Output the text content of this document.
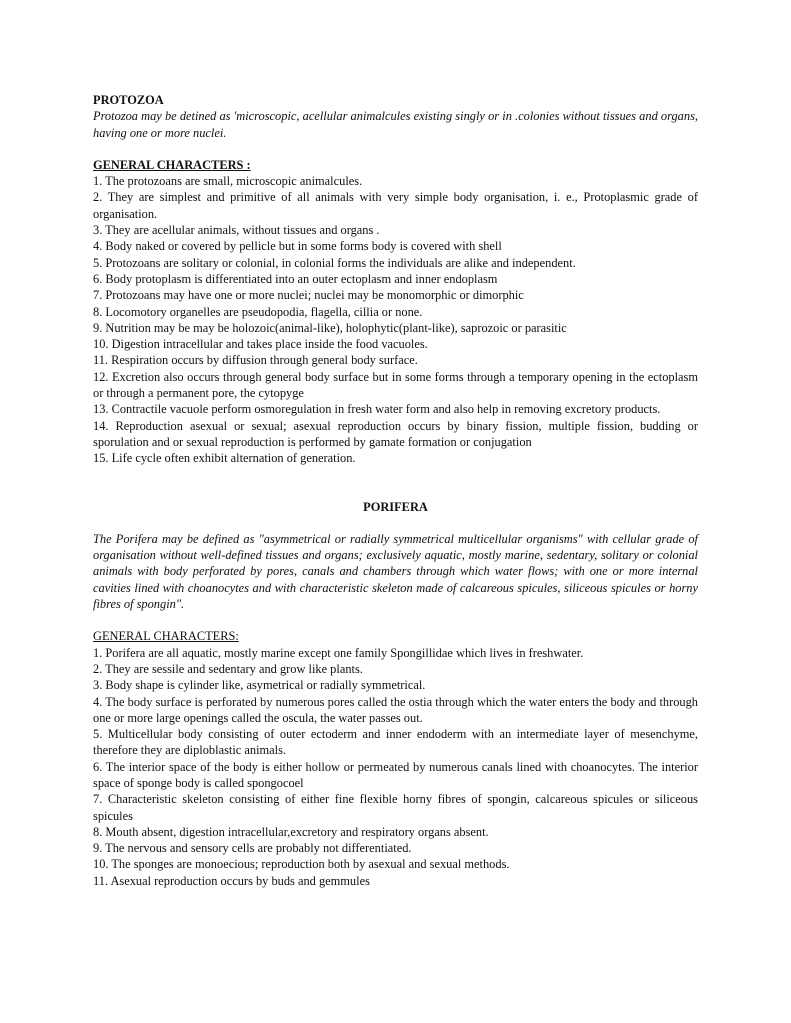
PROTOZOA

Protozoa may be detined as 'microscopic, acellular animalcules existing singly or in .colonies without tissues and organs, having one or more nuclei.

GENERAL CHARACTERS :

1. The protozoans are small, microscopic animalcules.
2. They are simplest and primitive of all animals with very simple body organisation, i. e., Protoplasmic grade of organisation.
3. They are acellular animals, without tissues and organs .
4. Body naked or covered by pellicle but in some forms body is covered with shell
5. Protozoans are solitary or colonial, in colonial forms the individuals are alike and independent.
6. Body protoplasm is differentiated into an outer ectoplasm and inner endoplasm
7. Protozoans may have one or more nuclei; nuclei may be monomorphic or dimorphic
8. Locomotory organelles are pseudopodia, flagella, cillia or none.
9. Nutrition may be may be holozoic(animal-like), holophytic(plant-like), saprozoic or parasitic
10. Digestion intracellular and takes place inside the food vacuoles.
11. Respiration occurs by diffusion through general body surface.
12. Excretion also occurs through general body surface but in some forms through a temporary opening in the ectoplasm or through a permanent pore, the cytopyge
13. Contractile vacuole perform osmoregulation in fresh water form and also help in removing excretory products.
14. Reproduction asexual or sexual; asexual reproduction occurs by binary fission, multiple fission, budding or sporulation and or sexual reproduction is performed by gamate formation or conjugation
15. Life cycle often exhibit alternation of generation.

PORIFERA

The Porifera may be defined as "asymmetrical or radially symmetrical multicellular organisms" with cellular grade of organisation without well-defined tissues and organs; exclusively aquatic, mostly marine, sedentary, solitary or colonial animals with body perforated by pores, canals and chambers through which water flows; with one or more internal cavities lined with choanocytes and with characteristic skeleton made of calcareous spicules, siliceous spicules or horny fibres of spongin".

GENERAL CHARACTERS:

1. Porifera are all aquatic, mostly marine except one family Spongillidae which lives in freshwater.
2. They are sessile and sedentary and grow like plants.
3. Body shape is cylinder like, asymetrical or radially symmetrical.
4. The body surface is perforated by numerous pores called the ostia through which the water enters the body and through one or more large openings called the oscula, the water passes out.
5. Multicellular body consisting of outer ectoderm and inner endoderm with an intermediate layer of mesenchyme, therefore they are diploblastic animals.
6. The interior space of the body is either hollow or permeated by numerous canals lined with choanocytes. The interior space of sponge body is called spongocoel
7. Characteristic skeleton consisting of either fine flexible horny fibres of spongin, calcareous spicules or siliceous spicules
8. Mouth absent, digestion intracellular,excretory and respiratory organs absent.
9. The nervous and sensory cells are probably not differentiated.
10. The sponges are monoecious; reproduction both by asexual and sexual methods.
11. Asexual reproduction occurs by buds and gemmules
